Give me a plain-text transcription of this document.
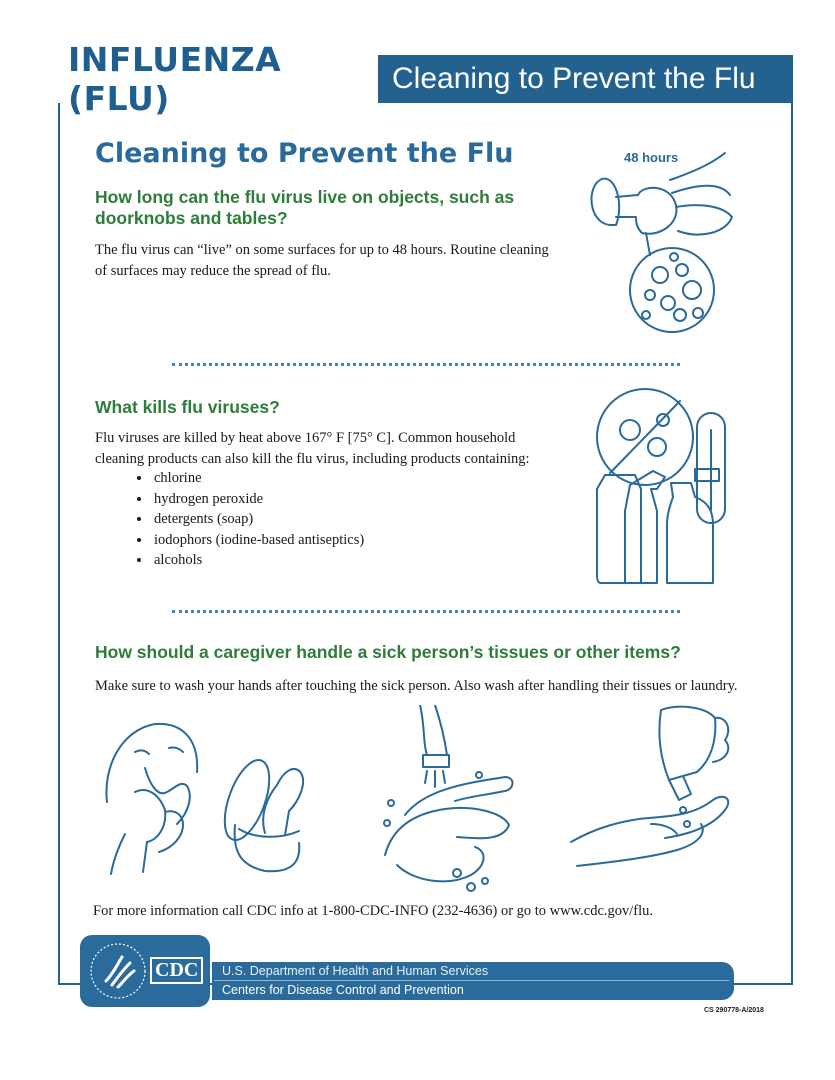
INFLUENZA (FLU)
Cleaning to Prevent the Flu
Cleaning to Prevent the Flu

How long can the flu virus live on objects, such as

doorknobs and tables?

The flu virus can “live” on some surfaces for up to 48 hours. Routine cleaning

of surfaces may reduce the spread of flu.

48 hours

What kills flu viruses?

Flu viruses are killed by heat above 167° F [75° C]. Common household

cleaning products can also kill the flu virus, including products containing:

• chlorine
• hydrogen peroxide
• detergents (soap)
• iodophors (iodine-based antiseptics)
• alcohols

How should a caregiver handle a sick person’s tissues or other items?

Make sure to wash your hands after touching the sick person. Also wash after handling their tissues or laundry.

For more information call CDC info at 1-800-CDC-INFO (232-4636) or go to www.cdc.gov/flu.

CDC	U.S. Department of Health and Human Services

Centers for Disease Control and Prevention

CS 290778-A/2018
